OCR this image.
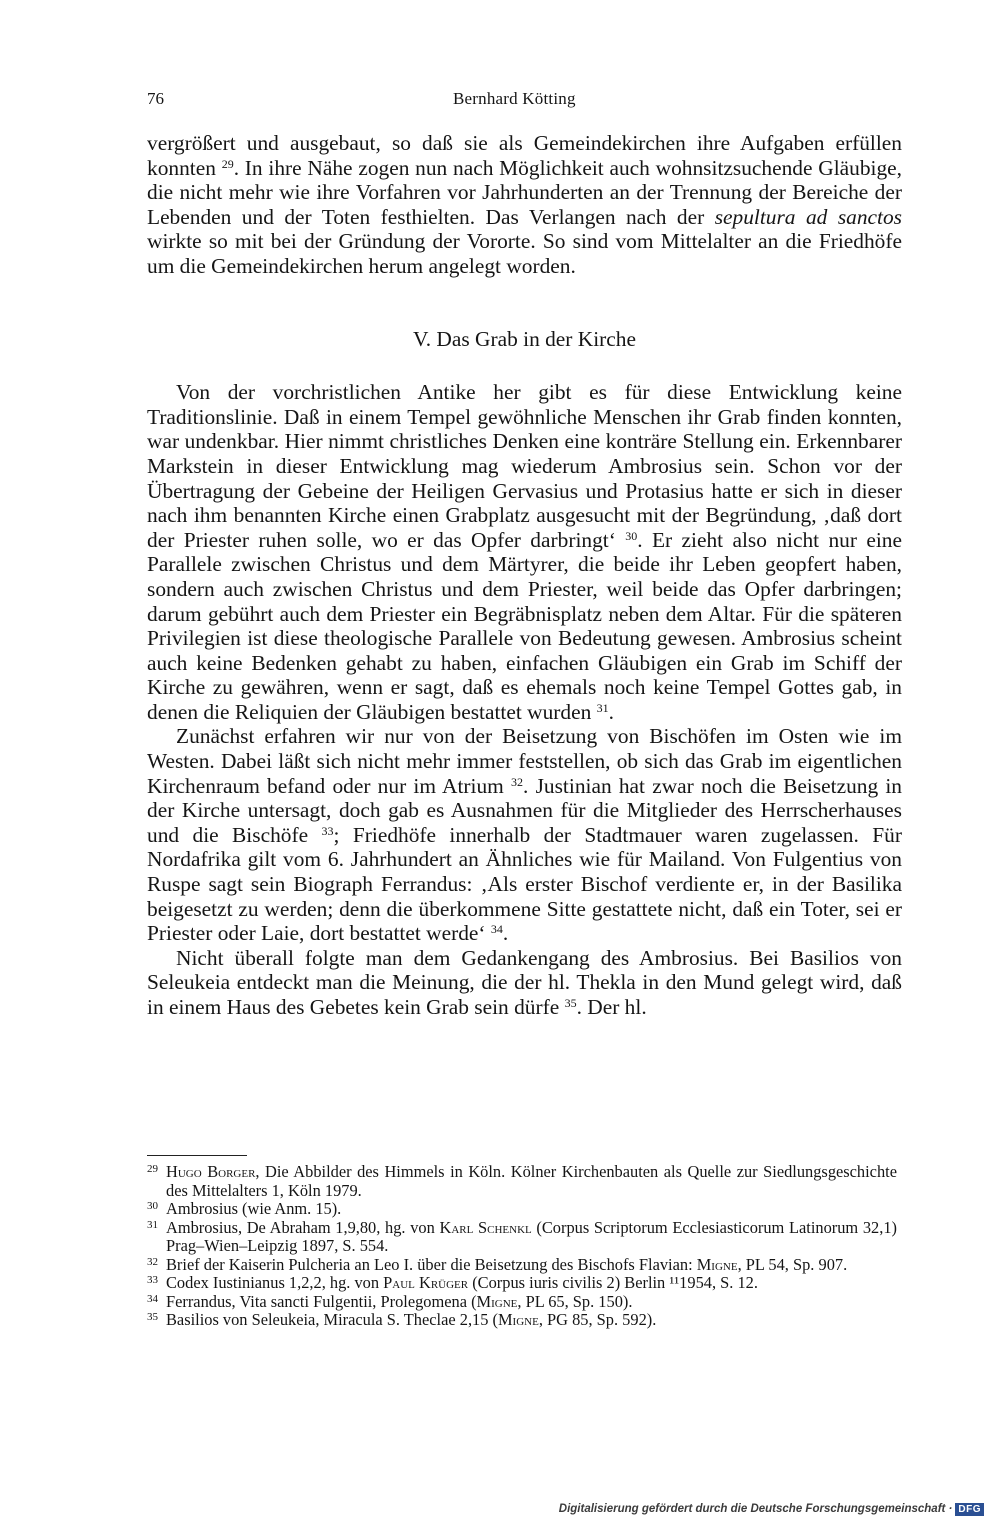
76	Bernhard Kötting

vergrößert und ausgebaut, so daß sie als Gemeindekirchen ihre Aufgaben erfüllen konnten $^{29}$. In ihre Nähe zogen nun nach Möglichkeit auch wohnsitzsuchende Gläubige, die nicht mehr wie ihre Vorfahren vor Jahrhunderten an der Trennung der Bereiche der Lebenden und der Toten festhielten. Das Verlangen nach der sepultura ad sanctos wirkte so mit bei der Gründung der Vororte. So sind vom Mittelalter an die Friedhöfe um die Gemeindekirchen herum angelegt worden.

V. Das Grab in der Kirche

Von der vorchristlichen Antike her gibt es für diese Entwicklung keine Traditionslinie. Daß in einem Tempel gewöhnliche Menschen ihr Grab finden konnten, war undenkbar. Hier nimmt christliches Denken eine konträre Stellung ein. Erkennbarer Markstein in dieser Entwicklung mag wiederum Ambrosius sein. Schon vor der Übertragung der Gebeine der Heiligen Gervasius und Protasius hatte er sich in dieser nach ihm benannten Kirche einen Grabplatz ausgesucht mit der Begründung, ‚daß dort der Priester ruhen solle, wo er das Opfer darbringt‘ $^{30}$. Er zieht also nicht nur eine Parallele zwischen Christus und dem Märtyrer, die beide ihr Leben geopfert haben, sondern auch zwischen Christus und dem Priester, weil beide das Opfer darbringen; darum gebührt auch dem Priester ein Begräbnisplatz neben dem Altar. Für die späteren Privilegien ist diese theologische Parallele von Bedeutung gewesen. Ambrosius scheint auch keine Bedenken gehabt zu haben, einfachen Gläubigen ein Grab im Schiff der Kirche zu gewähren, wenn er sagt, daß es ehemals noch keine Tempel Gottes gab, in denen die Reliquien der Gläubigen bestattet wurden $^{31}$.

Zunächst erfahren wir nur von der Beisetzung von Bischöfen im Osten wie im Westen. Dabei läßt sich nicht mehr immer feststellen, ob sich das Grab im eigentlichen Kirchenraum befand oder nur im Atrium $^{32}$. Justinian hat zwar noch die Beisetzung in der Kirche untersagt, doch gab es Ausnahmen für die Mitglieder des Herrscherhauses und die Bischöfe $^{33}$; Friedhöfe innerhalb der Stadtmauer waren zugelassen. Für Nordafrika gilt vom 6. Jahrhundert an Ähnliches wie für Mailand. Von Fulgentius von Ruspe sagt sein Biograph Ferrandus: ‚Als erster Bischof verdiente er, in der Basilika beigesetzt zu werden; denn die überkommene Sitte gestattete nicht, daß ein Toter, sei er Priester oder Laie, dort bestattet werde‘ $^{34}$.

Nicht überall folgte man dem Gedankengang des Ambrosius. Bei Basilios von Seleukeia entdeckt man die Meinung, die der hl. Thekla in den Mund gelegt wird, daß in einem Haus des Gebetes kein Grab sein dürfe $^{35}$. Der hl.

29 Hugo Borger, Die Abbilder des Himmels in Köln. Kölner Kirchenbauten als Quelle zur Siedlungsgeschichte des Mittelalters 1, Köln 1979.
30 Ambrosius (wie Anm. 15).
31 Ambrosius, De Abraham 1,9,80, hg. von Karl Schenkl (Corpus Scriptorum Ecclesiasticorum Latinorum 32,1) Prag–Wien–Leipzig 1897, S. 554.
32 Brief der Kaiserin Pulcheria an Leo I. über die Beisetzung des Bischofs Flavian: Migne, PL 54, Sp. 907.
33 Codex Iustinianus 1,2,2, hg. von Paul Krüger (Corpus iuris civilis 2) Berlin ¹¹1954, S. 12.
34 Ferrandus, Vita sancti Fulgentii, Prolegomena (Migne, PL 65, Sp. 150).
35 Basilios von Seleukeia, Miracula S. Theclae 2,15 (Migne, PG 85, Sp. 592).
Digitalisierung gefördert durch die Deutsche Forschungsgemeinschaft · DFG
